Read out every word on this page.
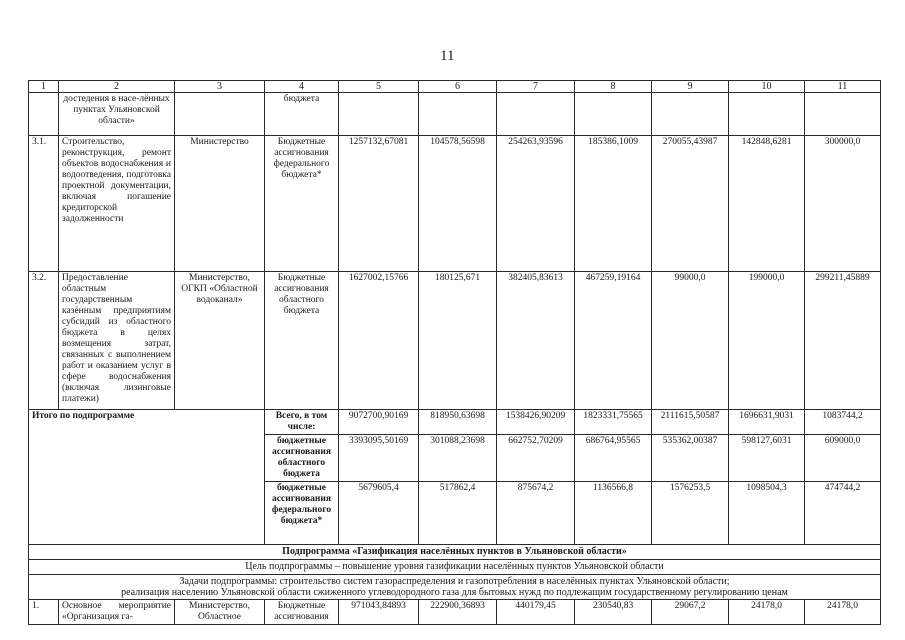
11
1	2	3	4	5	6	7	8	9	10	11
	достедения в насе-лённых пунктах Ульяновской области»		бюджета							
3.1.	Строительство, реконструкция, ремонт объектов водоснабжения и водоотведения, подготовка проектной документации, включая погашение кредиторской задолженности	Министерство	Бюджетные ассигнования федерального бюджета*	1257132,67081	104578,56598	254263,93596	185386,1009	270055,43987	142848,6281	300000,0
3.2.	Предоставление областным государственным казённым предприятиям субсидий из областного бюджета в целях возмещения затрат, связанных с выполнением работ и оказанием услуг в сфере водоснабжения (включая лизинговые платежи)	Министерство, ОГКП «Областной водоканал»	Бюджетные ассигнования областного бюджета	1627002,15766	180125,671	382405,83613	467259,19164	99000,0	199000,0	299211,45889
Итого по подпрограмме			Всего, в том числе:	9072700,90169	818950,63698	1538426,90209	1823331,75565	2111615,50587	1696631,9031	1083744,2
			бюджетные ассигнования областного бюджета	3393095,50169	301088,23698	662752,70209	686764,95565	535362,00387	598127,6031	609000,0
			бюджетные ассигнования федерального бюджета*	5679605,4	517862,4	875674,2	1136566,8	1576253,5	1098504,3	474744,2
Подпрограмма «Газификация населённых пунктов в Ульяновской области»										
Цель подпрограммы – повышение уровня газификации населённых пунктов Ульяновской области										

Задачи подпрограммы: строительство систем газораспределения и газопотребления в населённых пунктах Ульяновской области;
реализация населению Ульяновской области сжиженного углеводородного газа для бытовых нужд по подлежащим государственному регулированию ценам										

1.	Основное мероприятие «Организация га-	Министерство, Областное	Бюджетные ассигнования	971043,84893	222900,36893	440179,45	230540,83	29067,2	24178,0	24178,0
